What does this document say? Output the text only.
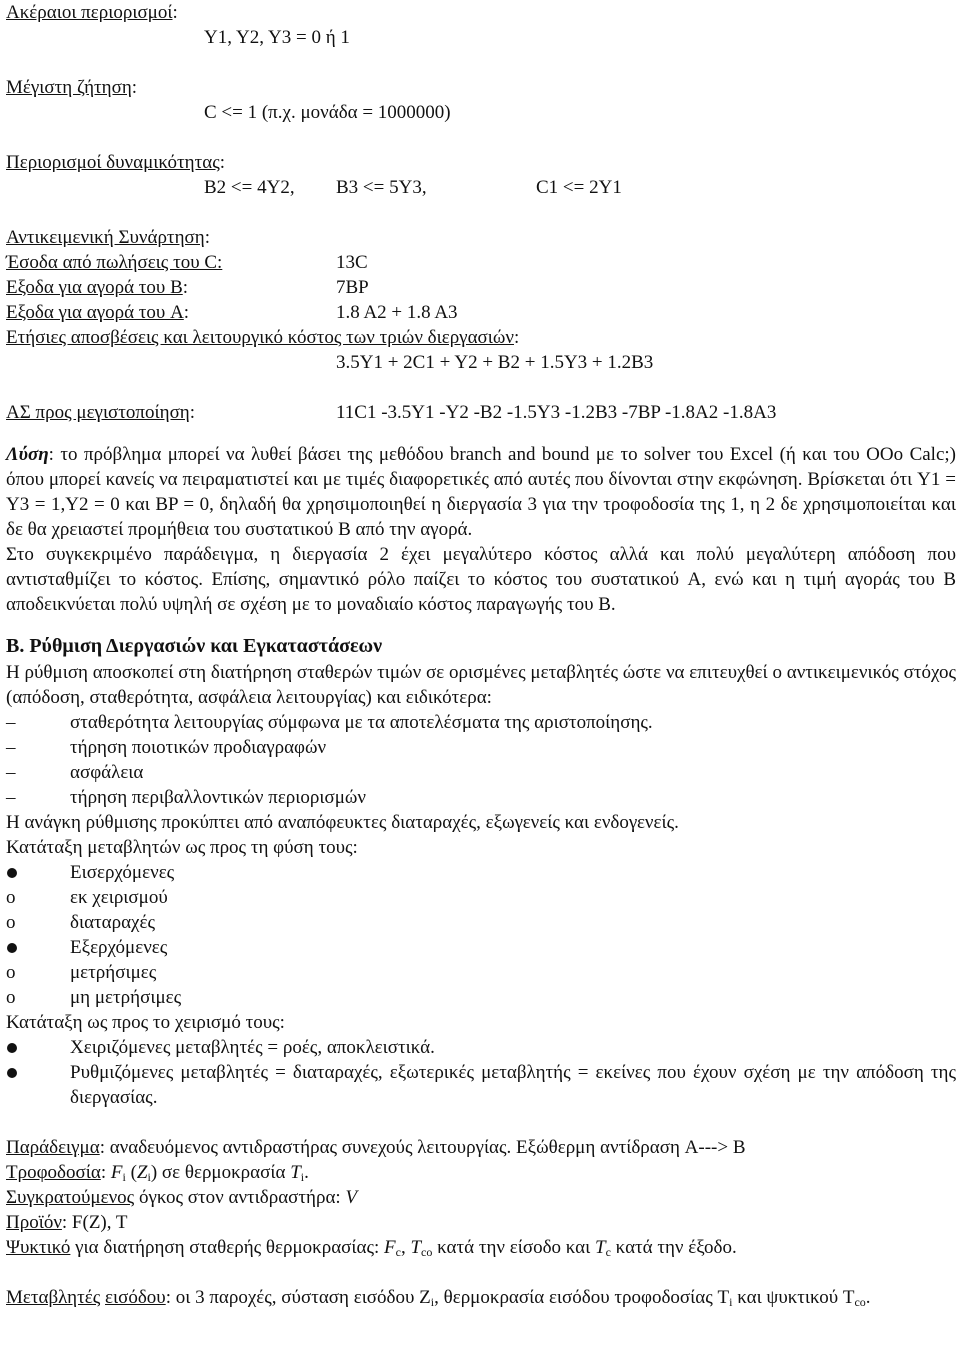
Ακέραιοι περιορισμοί:
Y1, Y2, Y3 = 0 ή 1
Μέγιστη ζήτηση:
C <= 1 (π.χ. μονάδα = 1000000)
Περιορισμοί δυναμικότητας:
B2 <= 4Y2, B3 <= 5Y3,	C1 <= 2Y1
Αντικειμενική Συνάρτηση:
Έσοδα από πωλήσεις του C:	13C
Εξοδα για αγορά του B:	7BP
Εξοδα για αγορά του A:	1.8 A2 + 1.8 A3
Ετήσιες αποσβέσεις και λειτουργικό κόστος των τριών διεργασιών:
3.5Y1 + 2C1 + Y2 + B2 + 1.5Y3 + 1.2B3
ΑΣ προς μεγιστοποίηση:	11C1 -3.5Y1 -Y2 -B2 -1.5Y3 -1.2B3 -7BP -1.8A2 -1.8A3
Λύση: το πρόβλημα μπορεί να λυθεί βάσει της μεθόδου branch and bound με το solver του Excel (ή και του OOo Calc;) όπου μπορεί κανείς να πειραματιστεί και με τιμές διαφορετικές από αυτές που δίνονται στην εκφώνηση. Βρίσκεται ότι Y1 = Y3 = 1,Y2 = 0 και BP = 0, δηλαδή θα χρησιμοποιηθεί η διεργασία 3 για την τροφοδοσία της 1, η 2 δε χρησιμοποιείται και δε θα χρειαστεί προμήθεια του συστατικού B από την αγορά.
Στο συγκεκριμένο παράδειγμα, η διεργασία 2 έχει μεγαλύτερο κόστος αλλά και πολύ μεγαλύτερη απόδοση που αντισταθμίζει το κόστος. Επίσης, σημαντικό ρόλο παίζει το κόστος του συστατικού A, ενώ και η τιμή αγοράς του B αποδεικνύεται πολύ υψηλή σε σχέση με το μοναδιαίο κόστος παραγωγής του B.
B. Ρύθμιση Διεργασιών και Εγκαταστάσεων
Η ρύθμιση αποσκοπεί στη διατήρηση σταθερών τιμών σε ορισμένες μεταβλητές ώστε να επιτευχθεί ο αντικειμενικός στόχος (απόδοση, σταθερότητα, ασφάλεια λειτουργίας) και ειδικότερα:
–	σταθερότητα λειτουργίας σύμφωνα με τα αποτελέσματα της αριστοποίησης.
–	τήρηση ποιοτικών προδιαγραφών
–	ασφάλεια
–	τήρηση περιβαλλοντικών περιορισμών
Η ανάγκη ρύθμισης προκύπτει από αναπόφευκτες διαταραχές, εξωγενείς και ενδογενείς.
Κατάταξη μεταβλητών ως προς τη φύση τους:
Εισερχόμενες
o	εκ χειρισμού
o	διαταραχές
Εξερχόμενες
o	μετρήσιμες
o	μη μετρήσιμες
Κατάταξη ως προς το χειρισμό τους:
Χειριζόμενες μεταβλητές = ροές, αποκλειστικά.
Ρυθμιζόμενες μεταβλητές = διαταραχές, εξωτερικές μεταβλητής = εκείνες που έχουν σχέση με την απόδοση της διεργασίας.
Παράδειγμα: αναδευόμενος αντιδραστήρας συνεχούς λειτουργίας. Εξώθερμη αντίδραση A---> B
Τροφοδοσία: $F_i$ $(Z_i)$ σε θερμοκρασία $T_i$.
Συγκρατούμενος όγκος στον αντιδραστήρα: V
Προϊόν: F(Z), T
Ψυκτικό για διατήρηση σταθερής θερμοκρασίας: $F_c$, $T_{co}$ κατά την είσοδο και $T_c$ κατά την έξοδο.
Μεταβλητές εισόδου: οι 3 παροχές, σύσταση εισόδου $Z_i$, θερμοκρασία εισόδου τροφοδοσίας $T_i$ και ψυκτικού $T_{co}$.
